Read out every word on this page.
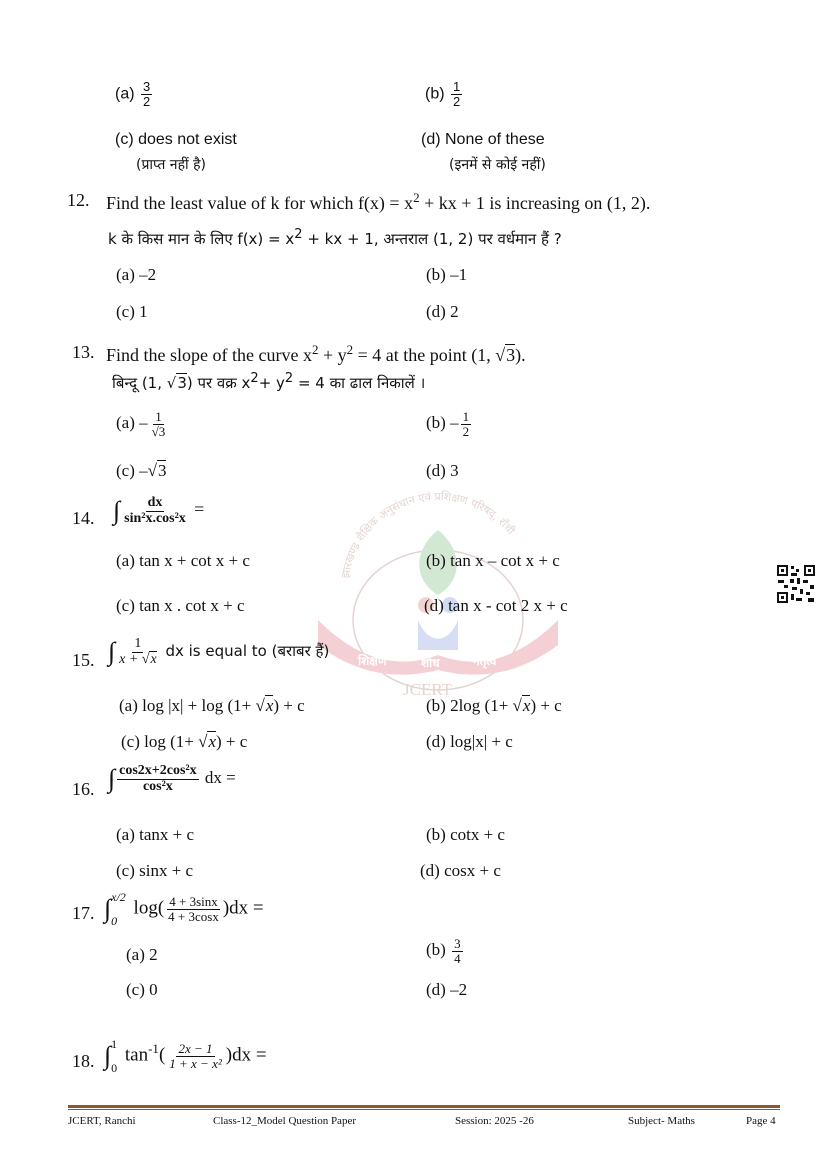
झारखण्ड शैक्षिक अनुसंधान एवं प्रशिक्षण परिषद्, राँची
शिक्षण	शोध	नेतृत्व
JCERT
$(a) \frac{3}{2}$	$(b) \frac{1}{2}$
(c) does not exist
(प्राप्त नहीं है)
(d) None of these
(इनमें से कोई नहीं)
12. Find the least value of k for which $f(x) = x^2$ + kx + 1 is increasing on (1, 2).
k के किस मान के लिए $f(x) = x^2$ + kx + 1, अन्तराल (1, 2) पर वर्धमान हैं ?
(a) –2	(b) –1
(c) 1	(d) 2
13. Find the slope of the curve $x^2 + y^2 = 4$ at the point (1, √3).
बिन्दू (1, √3) पर वक्र $x^2+ y^2 = 4$ का ढाल निकालें ।
$(a) - \frac{1}{√3}$	$(b) - \frac{1}{2}$
(c) –√3	(d) 3
14. ∫ $\frac{dx}{\text{sin²x.cos²x}}$ =
(a) tan x + cot x + c	(b) tan x – cot x + c
(c) tan x . cot x + c	(d) tan x - cot 2 x + c
15. ∫ $\frac{1}{x + √x}$ dx is equal to (बराबर हैं)
(a) log |x| + log (1+ √x) + c	(b) 2log (1+ √x) + c
(c) log (1+ √x) + c	(d) log|x| + c
16. ∫ $\frac{\text{cos2x+2cos²x}}{\text{cos²x}}$ dx =
(a) tanx + c	(b) cotx + c
(c) sinx + c	(d) cosx + c
17. ∫ x/2
0
$\log( \frac{4 + 3\sin x}{4 + 3\cos x} )dx$ =
(a) 2	$(b) \frac{3}{4}$
(c) 0	(d) –2
18. ∫ 1
0
$\tan^{-1}( \frac{2x - 1}{\text{1 + x − x²}} )dx$ =
JCERT, Ranchi	Class-12_Model Question Paper	Session: 2025 -26	Subject- Maths	Page 4
